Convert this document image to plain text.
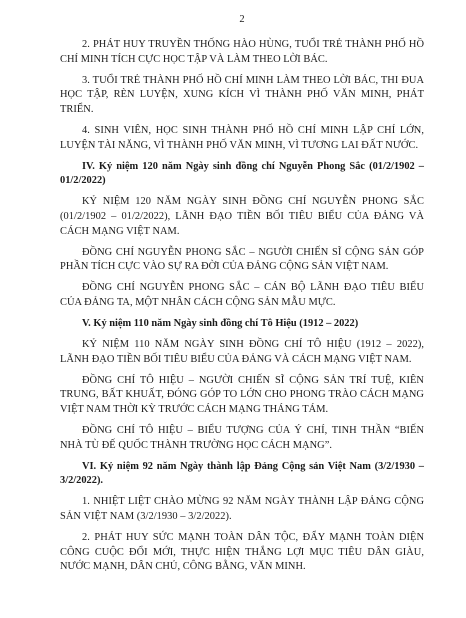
2

2. PHÁT HUY TRUYỀN THỐNG HÀO HÙNG, TUỔI TRẺ THÀNH PHỐ HỒ CHÍ MINH TÍCH CỰC HỌC TẬP VÀ LÀM THEO LỜI BÁC.

3. TUỔI TRẺ THÀNH PHỐ HỒ CHÍ MINH LÀM THEO LỜI BÁC, THI ĐUA HỌC TẬP, RÈN LUYỆN, XUNG KÍCH VÌ THÀNH PHỐ VĂN MINH, PHÁT TRIỂN.

4. SINH VIÊN, HỌC SINH THÀNH PHỐ HỒ CHÍ MINH LẬP CHÍ LỚN, LUYỆN TÀI NĂNG, VÌ THÀNH PHỐ VĂN MINH, VÌ TƯƠNG LAI ĐẤT NƯỚC.

IV. Kỷ niệm 120 năm Ngày sinh đồng chí Nguyễn Phong Sắc (01/2/1902 – 01/2/2022)

KỶ NIỆM 120 NĂM NGÀY SINH ĐỒNG CHÍ NGUYỄN PHONG SẮC (01/2/1902 – 01/2/2022), LÃNH ĐẠO TIỀN BỐI TIÊU BIỂU CỦA ĐẢNG VÀ CÁCH MẠNG VIỆT NAM.

ĐỒNG CHÍ NGUYỄN PHONG SẮC – NGƯỜI CHIẾN SĨ CỘNG SẢN GÓP PHẦN TÍCH CỰC VÀO SỰ RA ĐỜI CỦA ĐẢNG CỘNG SẢN VIỆT NAM.

ĐỒNG CHÍ NGUYỄN PHONG SẮC – CÁN BỘ LÃNH ĐẠO TIÊU BIỂU CỦA ĐẢNG TA, MỘT NHÂN CÁCH CỘNG SẢN MẪU MỰC.

V. Kỷ niệm 110 năm Ngày sinh đồng chí Tô Hiệu (1912 – 2022)

KỶ NIỆM 110 NĂM NGÀY SINH ĐỒNG CHÍ TÔ HIỆU (1912 – 2022), LÃNH ĐẠO TIỀN BỐI TIÊU BIỂU CỦA ĐẢNG VÀ CÁCH MẠNG VIỆT NAM.

ĐỒNG CHÍ TÔ HIỆU – NGƯỜI CHIẾN SĨ CỘNG SẢN TRÍ TUỆ, KIÊN TRUNG, BẤT KHUẤT, ĐÓNG GÓP TO LỚN CHO PHONG TRÀO CÁCH MẠNG VIỆT NAM THỜI KỲ TRƯỚC CÁCH MẠNG THÁNG TÁM.

ĐỒNG CHÍ TÔ HIỆU – BIỂU TƯỢNG CỦA Ý CHÍ, TINH THẦN “BIẾN NHÀ TÙ ĐẾ QUỐC THÀNH TRƯỜNG HỌC CÁCH MẠNG”.

VI. Kỷ niệm 92 năm Ngày thành lập Đảng Cộng sản Việt Nam (3/2/1930 – 3/2/2022).

1. NHIỆT LIỆT CHÀO MỪNG 92 NĂM NGÀY THÀNH LẬP ĐẢNG CỘNG SẢN VIỆT NAM (3/2/1930 – 3/2/2022).

2. PHÁT HUY SỨC MẠNH TOÀN DÂN TỘC, ĐẨY MẠNH TOÀN DIỆN CÔNG CUỘC ĐỔI MỚI, THỰC HIỆN THẮNG LỢI MỤC TIÊU DÂN GIÀU, NƯỚC MẠNH, DÂN CHỦ, CÔNG BẰNG, VĂN MINH.
